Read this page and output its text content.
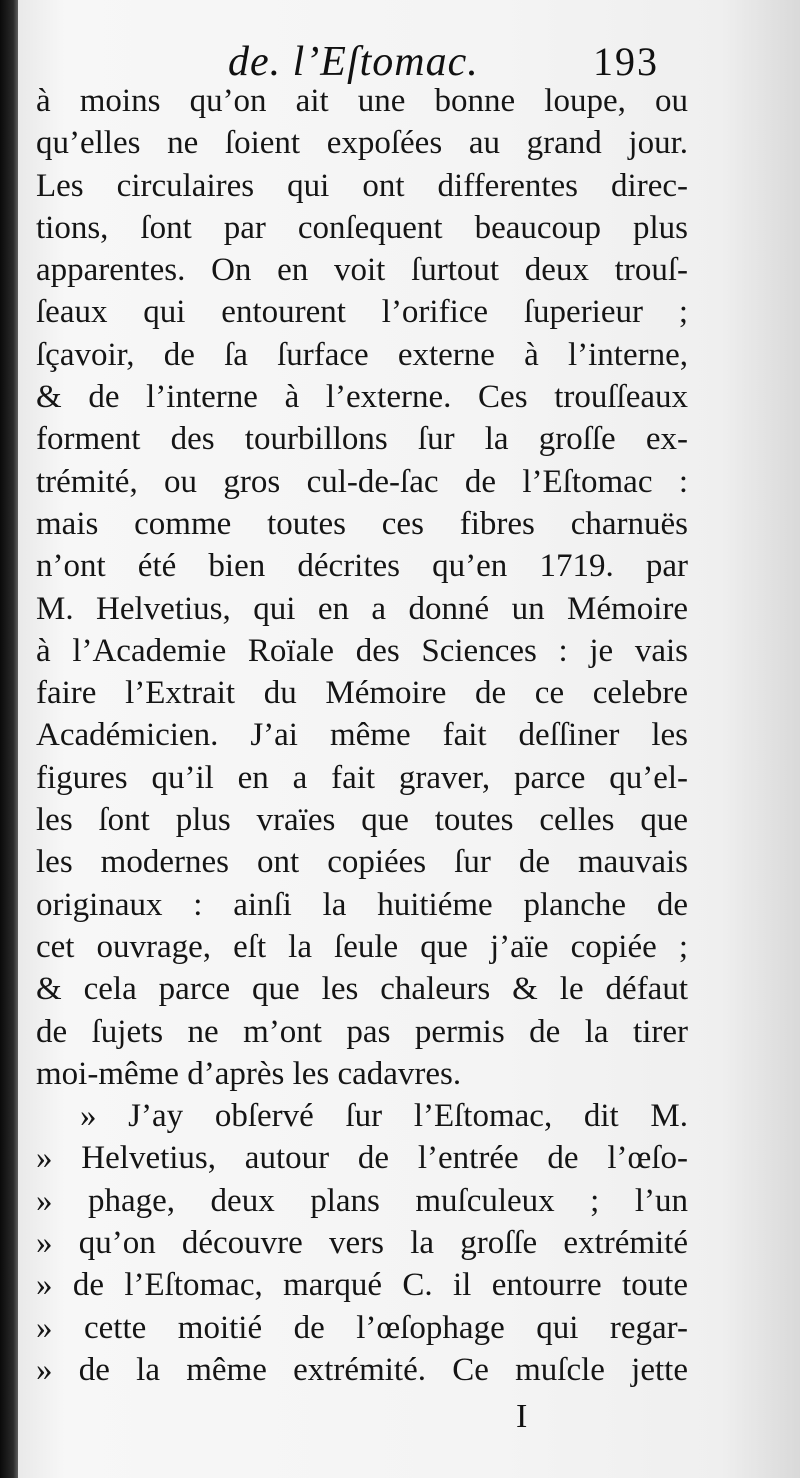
de. l’Eſtomac.	193
à moins qu’on ait une bonne loupe, ou
qu’elles ne ſoient expoſées au grand jour.
Les circulaires qui ont differentes direc-
tions, ſont par conſequent beaucoup plus
apparentes. On en voit ſurtout deux trouſ-
ſeaux qui entourent l’orifice ſuperieur ;
ſçavoir, de ſa ſurface externe à l’interne,
& de l’interne à l’externe. Ces trouſſeaux
forment des tourbillons ſur la groſſe ex-
trémité, ou gros cul-de-ſac de l’Eſtomac :
mais comme toutes ces fibres charnuës
n’ont été bien décrites qu’en 1719. par
M. Helvetius, qui en a donné un Mémoire
à l’Academie Roïale des Sciences : je vais
faire l’Extrait du Mémoire de ce celebre
Académicien. J’ai même fait deſſiner les
figures qu’il en a fait graver, parce qu’el-
les ſont plus vraïes que toutes celles que
les modernes ont copiées ſur de mauvais
originaux : ainſi la huitiéme planche de
cet ouvrage, eſt la ſeule que j’aïe copiée ;
& cela parce que les chaleurs & le défaut
de ſujets ne m’ont pas permis de la tirer
moi-même d’après les cadavres.
» J’ay obſervé ſur l’Eſtomac, dit M.
» Helvetius, autour de l’entrée de l’œſo-
» phage, deux plans muſculeux ; l’un
» qu’on découvre vers la groſſe extrémité
» de l’Eſtomac, marqué C. il entourre toute
» cette moitié de l’œſophage qui regar-
» de la même extrémité. Ce muſcle jette
I
